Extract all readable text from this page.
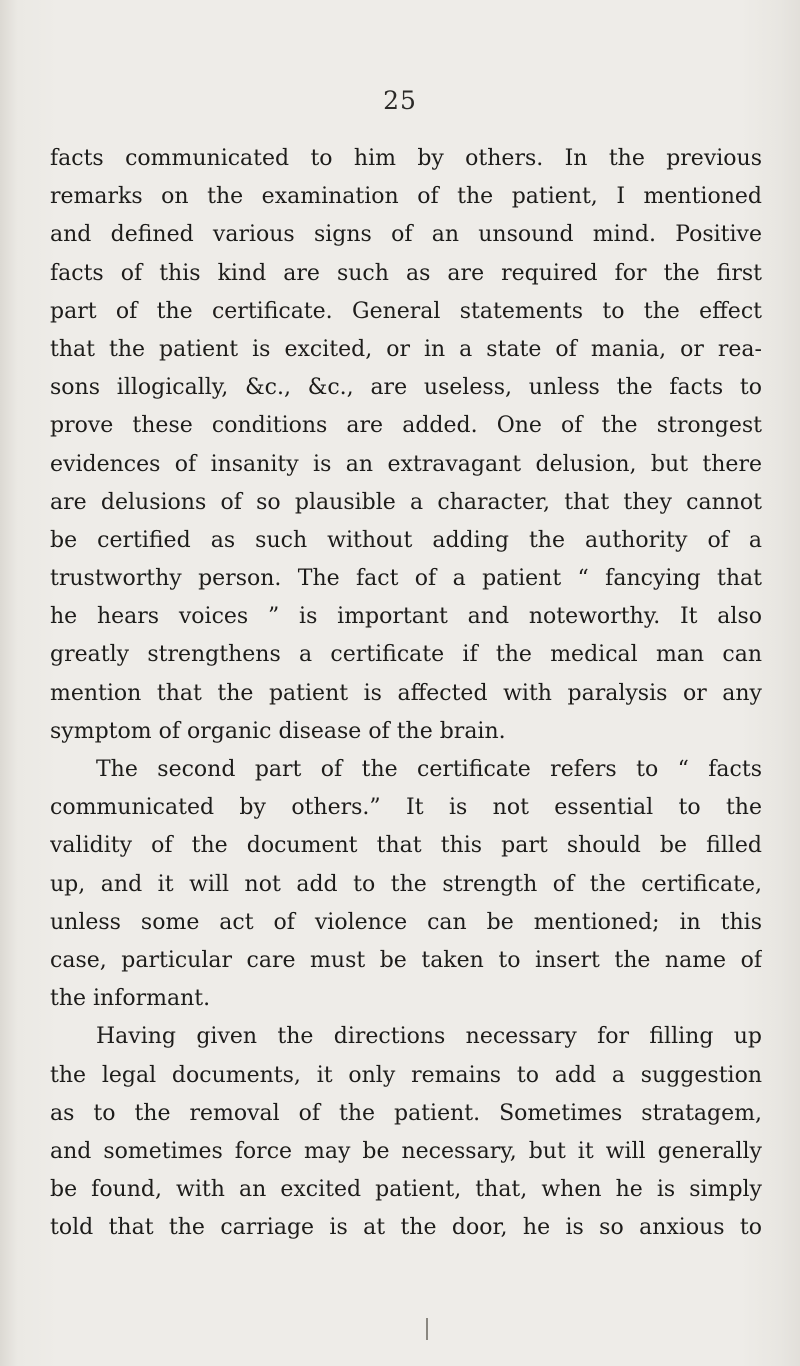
25
facts communicated to him by others. In the previous
remarks on the examination of the patient, I mentioned
and defined various signs of an unsound mind. Positive
facts of this kind are such as are required for the first
part of the certificate. General statements to the effect
that the patient is excited, or in a state of mania, or rea-
sons illogically, &c., &c., are useless, unless the facts to
prove these conditions are added. One of the strongest
evidences of insanity is an extravagant delusion, but there
are delusions of so plausible a character, that they cannot
be certified as such without adding the authority of a
trustworthy person. The fact of a patient “ fancying that
he hears voices ” is important and noteworthy. It also
greatly strengthens a certificate if the medical man can
mention that the patient is affected with paralysis or any
symptom of organic disease of the brain.
The second part of the certificate refers to “ facts
communicated by others.” It is not essential to the
validity of the document that this part should be filled
up, and it will not add to the strength of the certificate,
unless some act of violence can be mentioned; in this
case, particular care must be taken to insert the name of
the informant.
Having given the directions necessary for filling up
the legal documents, it only remains to add a suggestion
as to the removal of the patient. Sometimes stratagem,
and sometimes force may be necessary, but it will generally
be found, with an excited patient, that, when he is simply
told that the carriage is at the door, he is so anxious to
